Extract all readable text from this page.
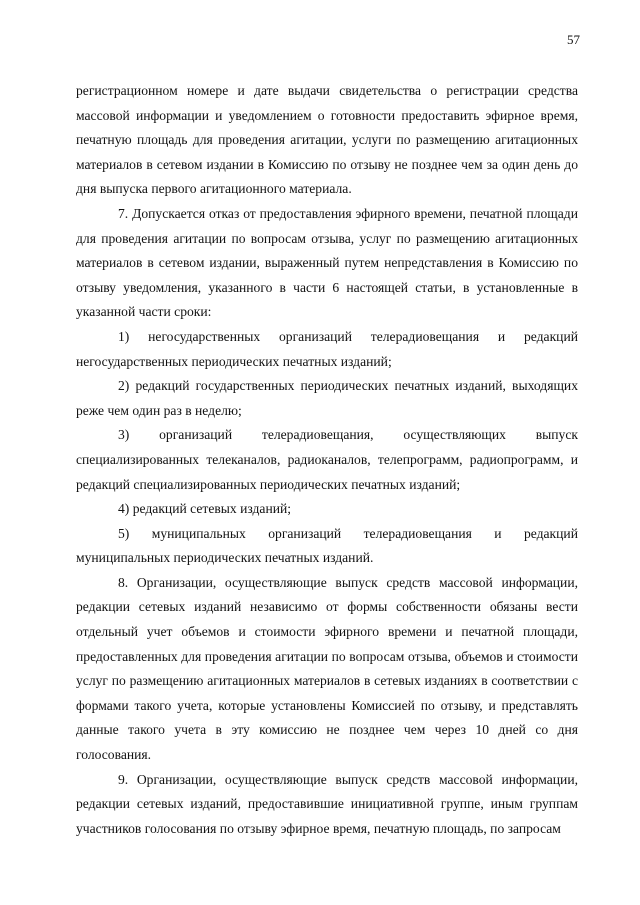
57

регистрационном номере и дате выдачи свидетельства о регистрации средства массовой информации и уведомлением о готовности предоставить эфирное время, печатную площадь для проведения агитации, услуги по размещению агитационных материалов в сетевом издании в Комиссию по отзыву не позднее чем за один день до дня выпуска первого агитационного материала.

7. Допускается отказ от предоставления эфирного времени, печатной площади для проведения агитации по вопросам отзыва, услуг по размещению агитационных материалов в сетевом издании, выраженный путем непредставления в Комиссию по отзыву уведомления, указанного в части 6 настоящей статьи, в установленные в указанной части сроки:

1) негосударственных организаций телерадиовещания и редакций негосударственных периодических печатных изданий;

2) редакций государственных периодических печатных изданий, выходящих реже чем один раз в неделю;

3) организаций телерадиовещания, осуществляющих выпуск специализированных телеканалов, радиоканалов, телепрограмм, радиопрограмм, и редакций специализированных периодических печатных изданий;

4) редакций сетевых изданий;

5) муниципальных организаций телерадиовещания и редакций муниципальных периодических печатных изданий.

8. Организации, осуществляющие выпуск средств массовой информации, редакции сетевых изданий независимо от формы собственности обязаны вести отдельный учет объемов и стоимости эфирного времени и печатной площади, предоставленных для проведения агитации по вопросам отзыва, объемов и стоимости услуг по размещению агитационных материалов в сетевых изданиях в соответствии с формами такого учета, которые установлены Комиссией по отзыву, и представлять данные такого учета в эту комиссию не позднее чем через 10 дней со дня голосования.

9. Организации, осуществляющие выпуск средств массовой информации, редакции сетевых изданий, предоставившие инициативной группе, иным группам участников голосования по отзыву эфирное время, печатную площадь, по запросам
